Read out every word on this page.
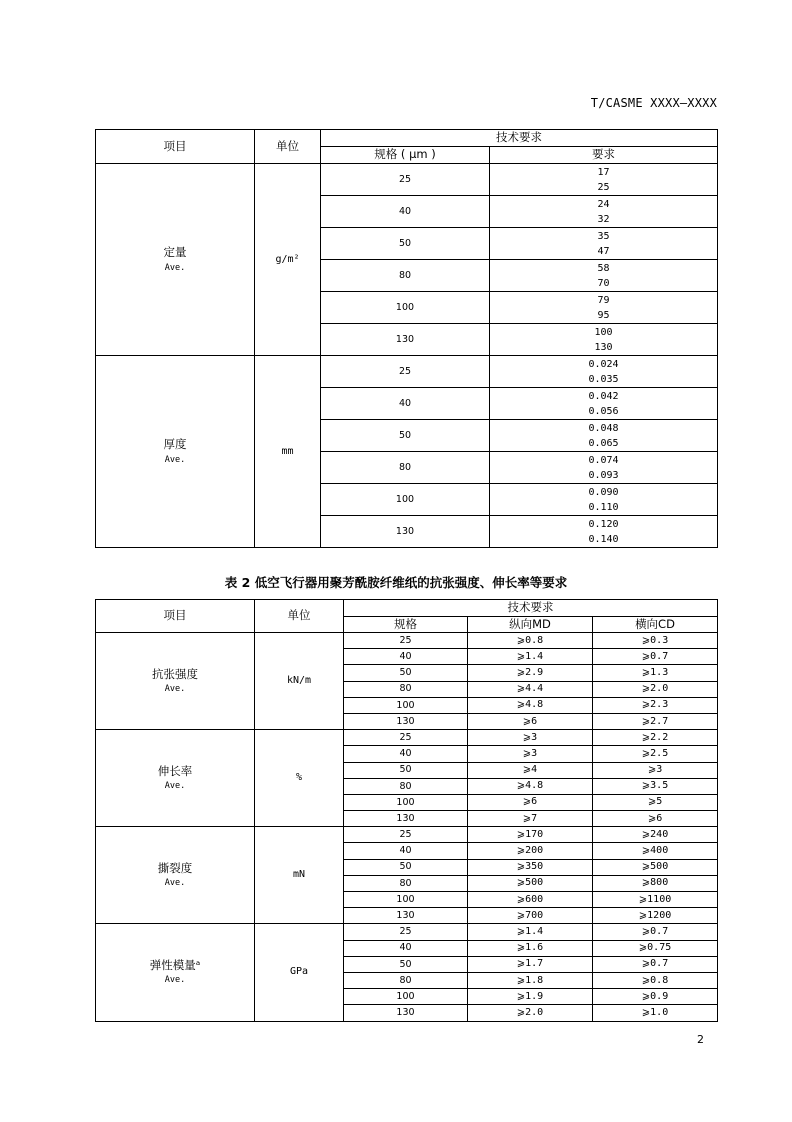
T/CASME XXXX—XXXX
项目	单位	技术要求	
		规格 ( μm )	要求
定量
Ave.	g/m²	25	17
25

		40	24
32

		50	35
47

		80	58
70

		100	79
95

		130	100
130

厚度
Ave.	mm	25	0.024
0.035

		40	0.042
0.056

		50	0.048
0.065

		80	0.074
0.093

		100	0.090
0.110

		130	0.120
0.140
表 2 低空飞行器用聚芳酰胺纤维纸的抗张强度、伸长率等要求
项目	单位	技术要求		
		规格	纵向MD	横向CD
抗张强度
Ave.	kN/m	25	⩾0.8	⩾0.3
		40	⩾1.4	⩾0.7
		50	⩾2.9	⩾1.3
		80	⩾4.4	⩾2.0
		100	⩾4.8	⩾2.3
		130	⩾6	⩾2.7
伸长率
Ave.	%	25	⩾3	⩾2.2
		40	⩾3	⩾2.5
		50	⩾4	⩾3
		80	⩾4.8	⩾3.5
		100	⩾6	⩾5
		130	⩾7	⩾6
撕裂度
Ave.	mN	25	⩾170	⩾240
		40	⩾200	⩾400
		50	⩾350	⩾500
		80	⩾500	⩾800
		100	⩾600	⩾1100
		130	⩾700	⩾1200
弹性模量ᵃ
Ave.	GPa	25	⩾1.4	⩾0.7
		40	⩾1.6	⩾0.75
		50	⩾1.7	⩾0.7
		80	⩾1.8	⩾0.8
		100	⩾1.9	⩾0.9
		130	⩾2.0	⩾1.0
2
